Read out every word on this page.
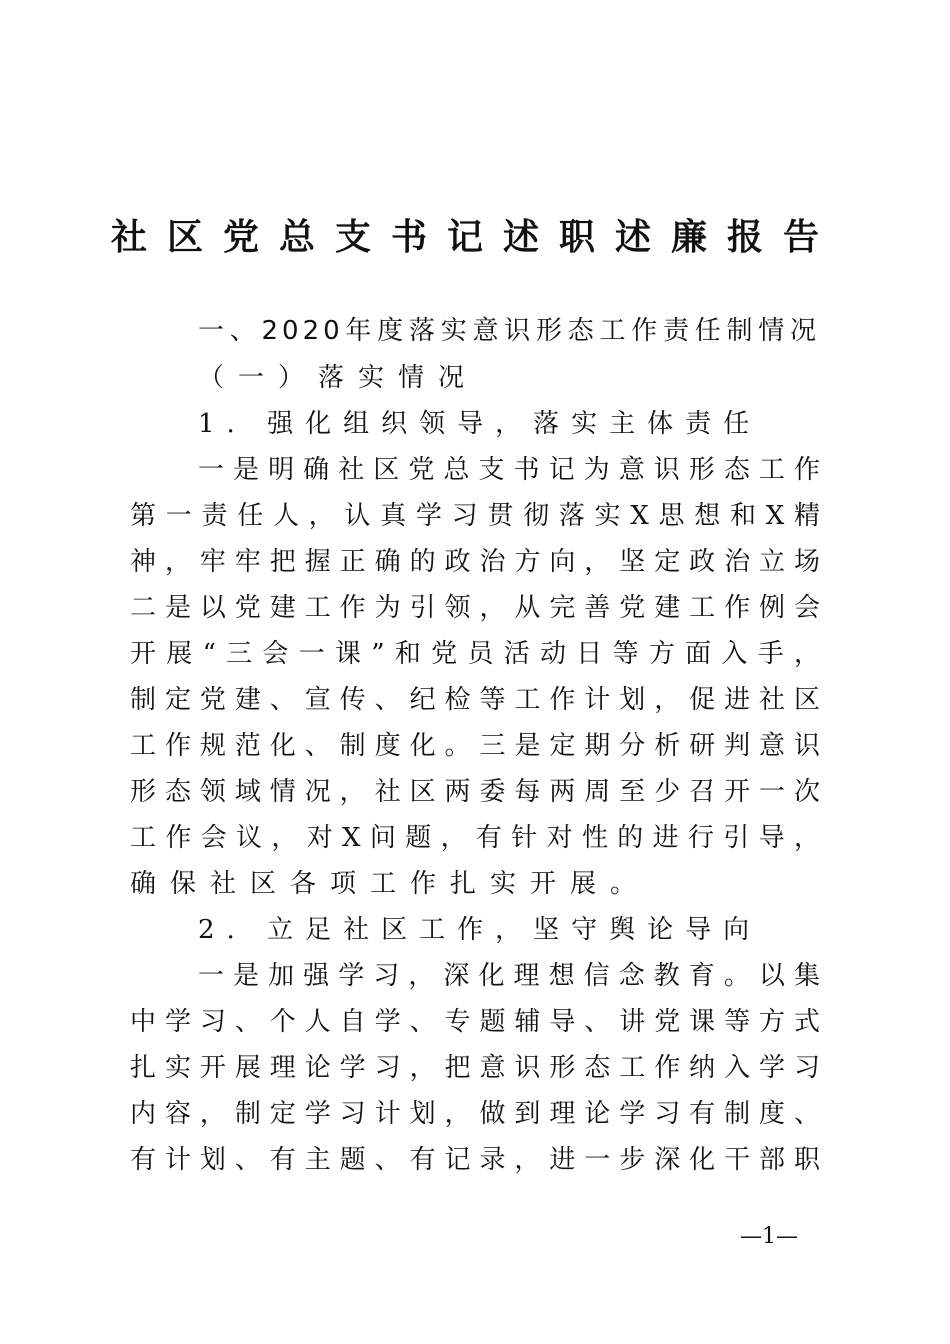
社区党总支书记述职述廉报告
一、2020年度落实意识形态工作责任制情况
（一）落实情况
1. 强化组织领导，落实主体责任
一是明确社区党总支书记为意识形态工作
第一责任人，认真学习贯彻落实X思想和X精
神，牢牢把握正确的政治方向，坚定政治立场
二是以党建工作为引领，从完善党建工作例会
开展“三会一课”和党员活动日等方面入手，
制定党建、宣传、纪检等工作计划，促进社区
工作规范化、制度化。三是定期分析研判意识
形态领域情况，社区两委每两周至少召开一次
工作会议，对X问题，有针对性的进行引导，
确保社区各项工作扎实开展。
2. 立足社区工作，坚守舆论导向
一是加强学习，深化理想信念教育。以集
中学习、个人自学、专题辅导、讲党课等方式
扎实开展理论学习，把意识形态工作纳入学习
内容，制定学习计划，做到理论学习有制度、
有计划、有主题、有记录，进一步深化干部职
—1—
